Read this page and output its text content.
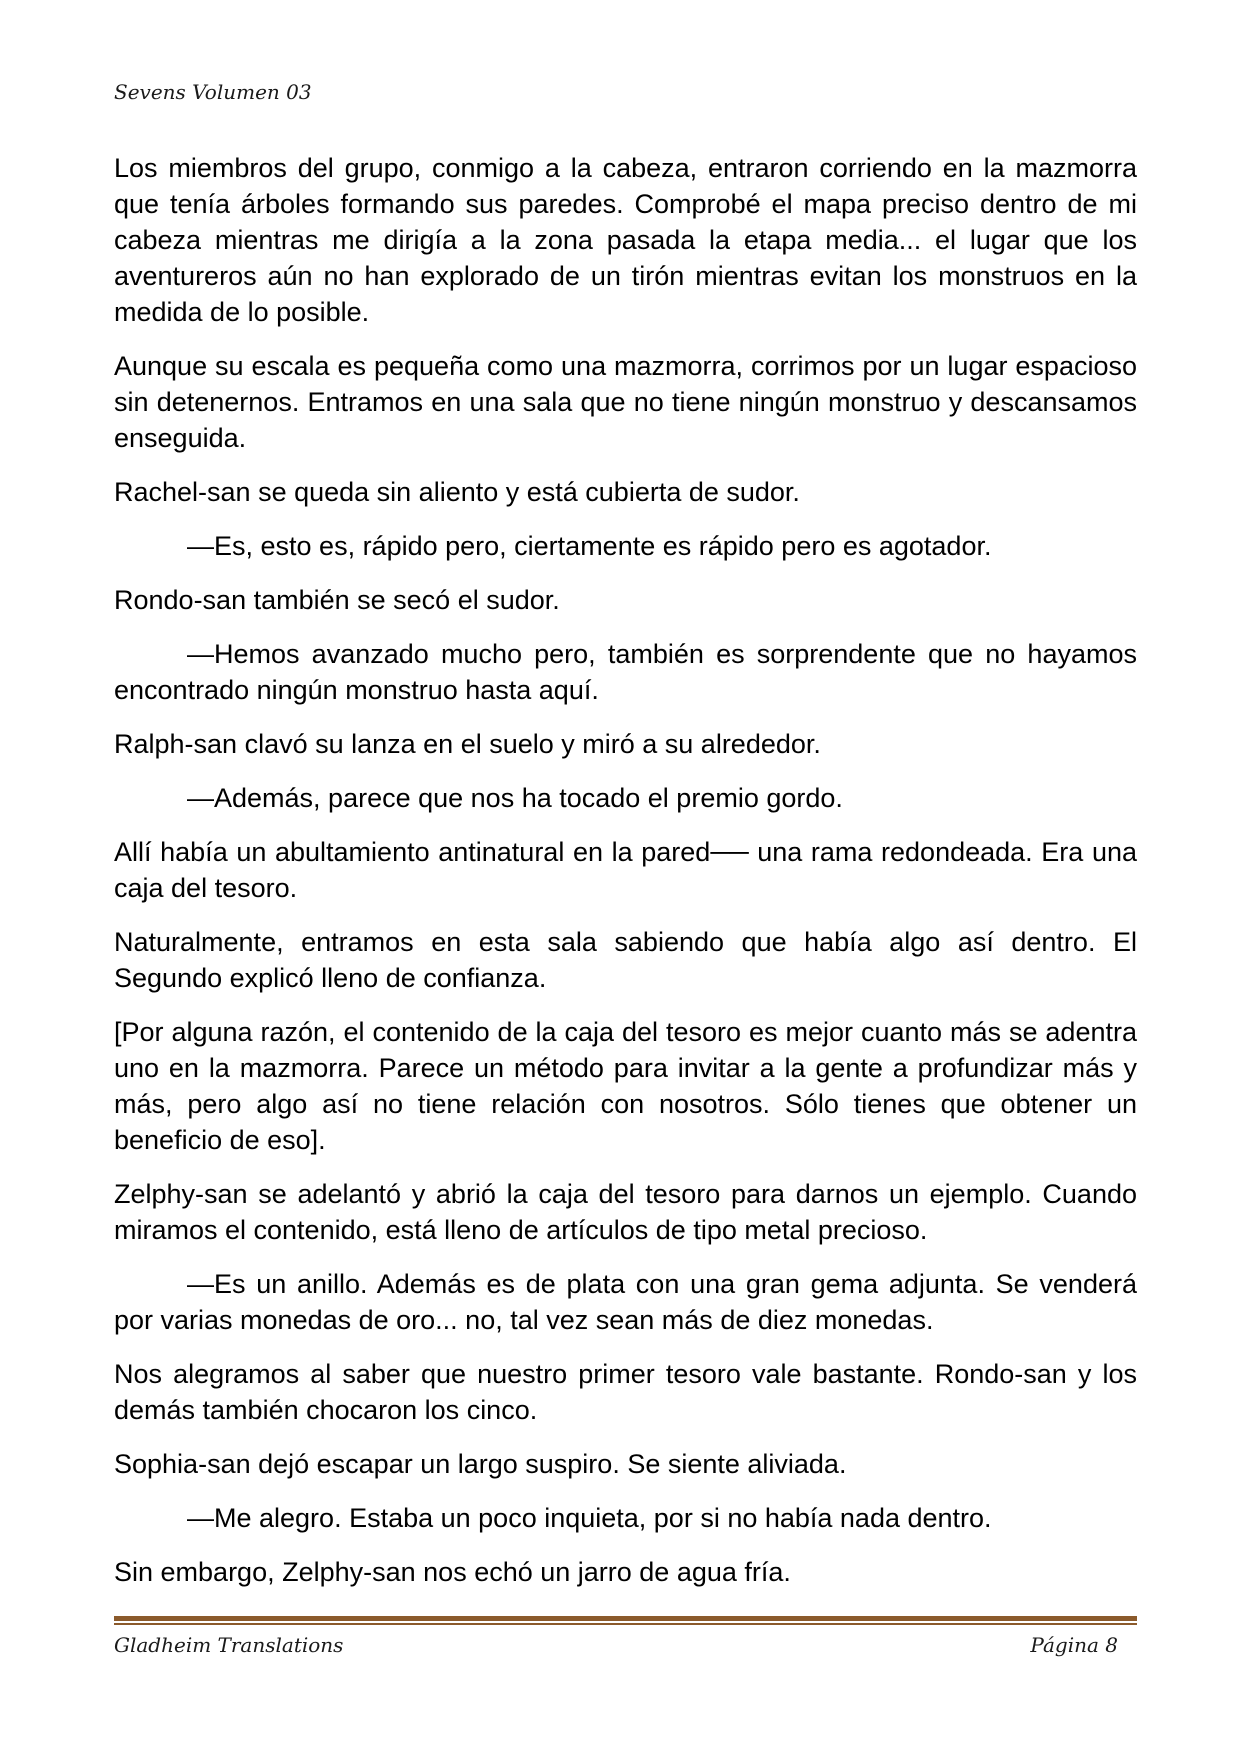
Sevens Volumen 03

Los miembros del grupo, conmigo a la cabeza, entraron corriendo en la mazmorra que tenía árboles formando sus paredes. Comprobé el mapa preciso dentro de mi cabeza mientras me dirigía a la zona pasada la etapa media... el lugar que los aventureros aún no han explorado de un tirón mientras evitan los monstruos en la medida de lo posible.

Aunque su escala es pequeña como una mazmorra, corrimos por un lugar espacioso sin detenernos. Entramos en una sala que no tiene ningún monstruo y descansamos enseguida.

Rachel-san se queda sin aliento y está cubierta de sudor.

—Es, esto es, rápido pero, ciertamente es rápido pero es agotador.

Rondo-san también se secó el sudor.

—Hemos avanzado mucho pero, también es sorprendente que no hayamos encontrado ningún monstruo hasta aquí.

Ralph-san clavó su lanza en el suelo y miró a su alrededor.

—Además, parece que nos ha tocado el premio gordo.

Allí había un abultamiento antinatural en la pared── una rama redondeada. Era una caja del tesoro.

Naturalmente, entramos en esta sala sabiendo que había algo así dentro. El Segundo explicó lleno de confianza.

[Por alguna razón, el contenido de la caja del tesoro es mejor cuanto más se adentra uno en la mazmorra. Parece un método para invitar a la gente a profundizar más y más, pero algo así no tiene relación con nosotros. Sólo tienes que obtener un beneficio de eso].

Zelphy-san se adelantó y abrió la caja del tesoro para darnos un ejemplo. Cuando miramos el contenido, está lleno de artículos de tipo metal precioso.

—Es un anillo. Además es de plata con una gran gema adjunta. Se venderá por varias monedas de oro... no, tal vez sean más de diez monedas.

Nos alegramos al saber que nuestro primer tesoro vale bastante. Rondo-san y los demás también chocaron los cinco.

Sophia-san dejó escapar un largo suspiro. Se siente aliviada.

—Me alegro. Estaba un poco inquieta, por si no había nada dentro.

Sin embargo, Zelphy-san nos echó un jarro de agua fría.

Gladheim Translations	Página 8
